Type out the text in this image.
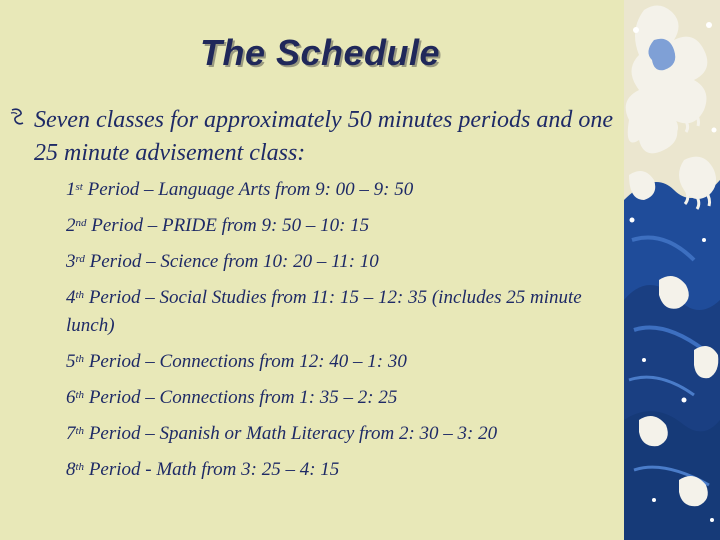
The Schedule
Seven classes for approximately 50 minutes periods and one 25 minute advisement class:
1st Period – Language Arts from 9: 00 – 9: 50
2nd Period – PRIDE from 9: 50 – 10: 15
3rd Period – Science from 10: 20 – 11: 10
4th Period – Social Studies from 11: 15 – 12: 35 (includes 25 minute lunch)
5th Period – Connections from 12: 40 – 1: 30
6th Period – Connections from 1: 35 – 2: 25
7th Period – Spanish or Math Literacy from 2: 30 – 3: 20
8th Period - Math from 3: 25 – 4: 15
